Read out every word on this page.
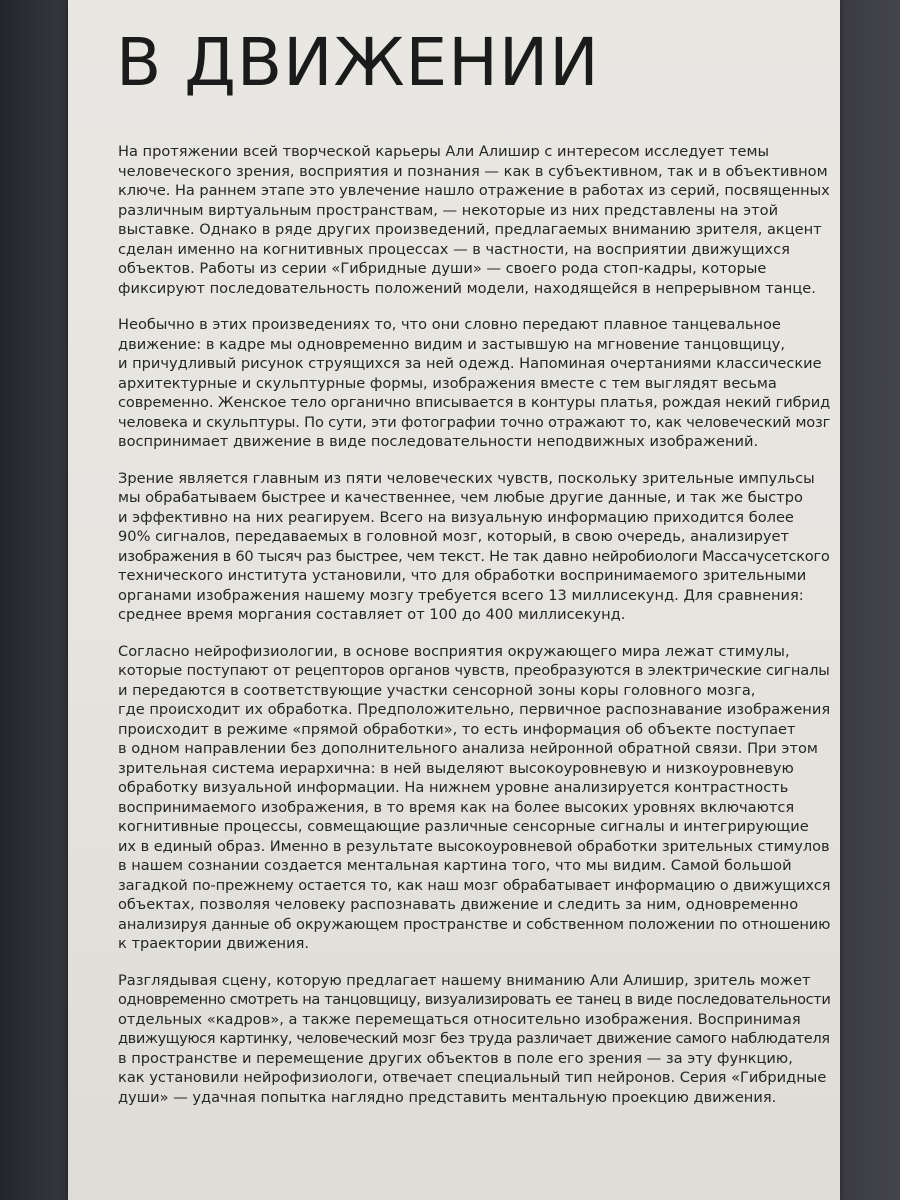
В ДВИЖЕНИИ

На протяжении всей творческой карьеры Али Алишир с интересом исследует темы
человеческого зрения, восприятия и познания — как в субъективном, так и в объективном
ключе. На раннем этапе это увлечение нашло отражение в работах из серий, посвященных
различным виртуальным пространствам, — некоторые из них представлены на этой
выставке. Однако в ряде других произведений, предлагаемых вниманию зрителя, акцент
сделан именно на когнитивных процессах — в частности, на восприятии движущихся
объектов. Работы из серии «Гибридные души» — своего рода стоп-кадры, которые
фиксируют последовательность положений модели, находящейся в непрерывном танце.

Необычно в этих произведениях то, что они словно передают плавное танцевальное
движение: в кадре мы одновременно видим и застывшую на мгновение танцовщицу,
и причудливый рисунок струящихся за ней одежд. Напоминая очертаниями классические
архитектурные и скульптурные формы, изображения вместе с тем выглядят весьма
современно. Женское тело органично вписывается в контуры платья, рождая некий гибрид
человека и скульптуры. По сути, эти фотографии точно отражают то, как человеческий мозг
воспринимает движение в виде последовательности неподвижных изображений.

Зрение является главным из пяти человеческих чувств, поскольку зрительные импульсы
мы обрабатываем быстрее и качественнее, чем любые другие данные, и так же быстро
и эффективно на них реагируем. Всего на визуальную информацию приходится более
90% сигналов, передаваемых в головной мозг, который, в свою очередь, анализирует
изображения в 60 тысяч раз быстрее, чем текст. Не так давно нейробиологи Массачусетского
технического института установили, что для обработки воспринимаемого зрительными
органами изображения нашему мозгу требуется всего 13 миллисекунд. Для сравнения:
среднее время моргания составляет от 100 до 400 миллисекунд.

Согласно нейрофизиологии, в основе восприятия окружающего мира лежат стимулы,
которые поступают от рецепторов органов чувств, преобразуются в электрические сигналы
и передаются в соответствующие участки сенсорной зоны коры головного мозга,
где происходит их обработка. Предположительно, первичное распознавание изображения
происходит в режиме «прямой обработки», то есть информация об объекте поступает
в одном направлении без дополнительного анализа нейронной обратной связи. При этом
зрительная система иерархична: в ней выделяют высокоуровневую и низкоуровневую
обработку визуальной информации. На нижнем уровне анализируется контрастность
воспринимаемого изображения, в то время как на более высоких уровнях включаются
когнитивные процессы, совмещающие различные сенсорные сигналы и интегрирующие
их в единый образ. Именно в результате высокоуровневой обработки зрительных стимулов
в нашем сознании создается ментальная картина того, что мы видим. Самой большой
загадкой по-прежнему остается то, как наш мозг обрабатывает информацию о движущихся
объектах, позволяя человеку распознавать движение и следить за ним, одновременно
анализируя данные об окружающем пространстве и собственном положении по отношению
к траектории движения.

Разглядывая сцену, которую предлагает нашему вниманию Али Алишир, зритель может
одновременно смотреть на танцовщицу, визуализировать ее танец в виде последовательности
отдельных «кадров», а также перемещаться относительно изображения. Воспринимая
движущуюся картинку, человеческий мозг без труда различает движение самого наблюдателя
в пространстве и перемещение других объектов в поле его зрения — за эту функцию,
как установили нейрофизиологи, отвечает специальный тип нейронов. Серия «Гибридные
души» — удачная попытка наглядно представить ментальную проекцию движения.
